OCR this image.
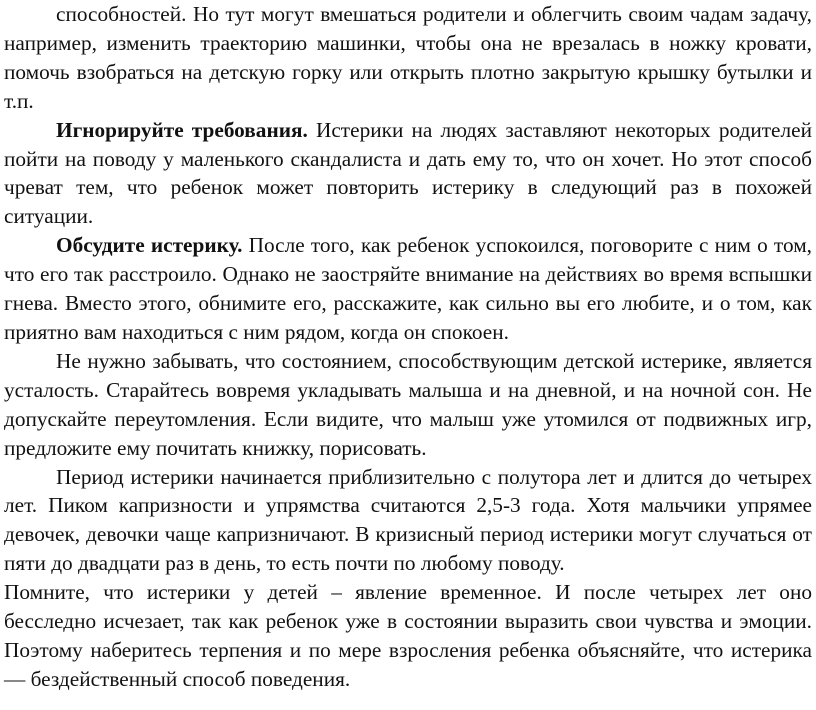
способностей. Но тут могут вмешаться родители и облегчить своим чадам задачу, например, изменить траекторию машинки, чтобы она не врезалась в ножку кровати, помочь взобраться на детскую горку или открыть плотно закрытую крышку бутылки и т.п.

Игнорируйте требования. Истерики на людях заставляют некоторых родителей пойти на поводу у маленького скандалиста и дать ему то, что он хочет. Но этот способ чреват тем, что ребенок может повторить истерику в следующий раз в похожей ситуации.

Обсудите истерику. После того, как ребенок успокоился, поговорите с ним о том, что его так расстроило. Однако не заостряйте внимание на действиях во время вспышки гнева. Вместо этого, обнимите его, расскажите, как сильно вы его любите, и о том, как приятно вам находиться с ним рядом, когда он спокоен.

Не нужно забывать, что состоянием, способствующим детской истерике, является усталость. Старайтесь вовремя укладывать малыша и на дневной, и на ночной сон. Не допускайте переутомления. Если видите, что малыш уже утомился от подвижных игр, предложите ему почитать книжку, порисовать.

Период истерики начинается приблизительно с полутора лет и длится до четырех лет. Пиком капризности и упрямства считаются 2,5-3 года. Хотя мальчики упрямее девочек, девочки чаще капризничают. В кризисный период истерики могут случаться от пяти до двадцати раз в день, то есть почти по любому поводу.

Помните, что истерики у детей – явление временное. И после четырех лет оно бесследно исчезает, так как ребенок уже в состоянии выразить свои чувства и эмоции. Поэтому наберитесь терпения и по мере взросления ребенка объясняйте, что истерика — бездейственный способ поведения.
